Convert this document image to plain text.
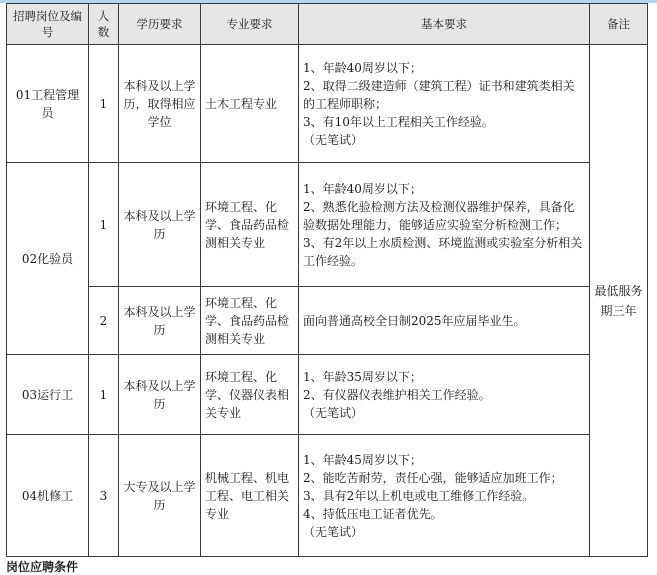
招聘岗位及编号	人数	学历要求	专业要求	基本要求	备注
01工程管理员	1	本科及以上学历，取得相应学位	土木工程专业	1、年龄40周岁以下；
2、取得二级建造师（建筑工程）证书和建筑类相关的工程师职称；
3、有10年以上工程相关工作经验。
（无笔试）	最低服务期三年

02化验员	1	本科及以上学历	环境工程、化学、食品药品检测相关专业	1、年龄40周岁以下；
2、熟悉化验检测方法及检测仪器维护保养，具备化验数据处理能力，能够适应实验室分析检测工作；
3、有2年以上水质检测、环境监测或实验室分析相关工作经验。	

	2	本科及以上学历	环境工程、化学、食品药品检测相关专业	面向普通高校全日制2025年应届毕业生。	

03运行工	1	本科及以上学历	环境工程、化学、仪器仪表相关专业	1、年龄35周岁以下；
2、有仪器仪表维护相关工作经验。
（无笔试）	

04机修工	3	大专及以上学历	机械工程、机电工程、电工相关专业	1、年龄45周岁以下；
2、能吃苦耐劳，责任心强，能够适应加班工作；
3、具有2年以上机电或电工维修工作经验。
4、持低压电工证者优先。
（无笔试）	
岗位应聘条件
